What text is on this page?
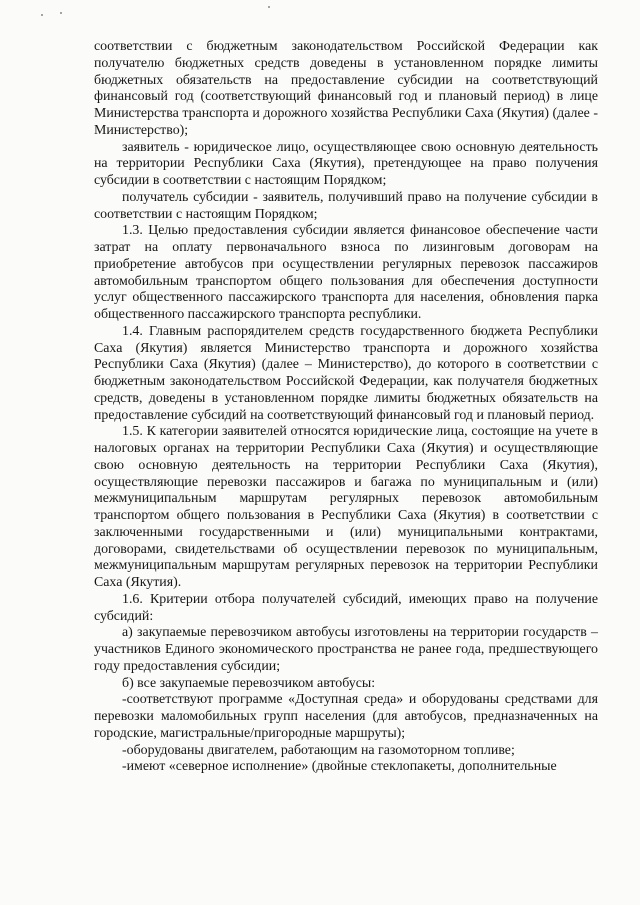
соответствии с бюджетным законодательством Российской Федерации как получателю бюджетных средств доведены в установленном порядке лимиты бюджетных обязательств на предоставление субсидии на соответствующий финансовый год (соответствующий финансовый год и плановый период) в лице Министерства транспорта и дорожного хозяйства Республики Саха (Якутия) (далее - Министерство);

заявитель - юридическое лицо, осуществляющее свою основную деятельность на территории Республики Саха (Якутия), претендующее на право получения субсидии в соответствии с настоящим Порядком;

получатель субсидии - заявитель, получивший право на получение субсидии в соответствии с настоящим Порядком;

1.3. Целью предоставления субсидии является финансовое обеспечение части затрат на оплату первоначального взноса по лизинговым договорам на приобретение автобусов при осуществлении регулярных перевозок пассажиров автомобильным транспортом общего пользования для обеспечения доступности услуг общественного пассажирского транспорта для населения, обновления парка общественного пассажирского транспорта республики.

1.4. Главным распорядителем средств государственного бюджета Республики Саха (Якутия) является Министерство транспорта и дорожного хозяйства Республики Саха (Якутия) (далее – Министерство), до которого в соответствии с бюджетным законодательством Российской Федерации, как получателя бюджетных средств, доведены в установленном порядке лимиты бюджетных обязательств на предоставление субсидий на соответствующий финансовый год и плановый период.

1.5. К категории заявителей относятся юридические лица, состоящие на учете в налоговых органах на территории Республики Саха (Якутия) и осуществляющие свою основную деятельность на территории Республики Саха (Якутия), осуществляющие перевозки пассажиров и багажа по муниципальным и (или) межмуниципальным маршрутам регулярных перевозок автомобильным транспортом общего пользования в Республики Саха (Якутия) в соответствии с заключенными государственными и (или) муниципальными контрактами, договорами, свидетельствами об осуществлении перевозок по муниципальным, межмуниципальным маршрутам регулярных перевозок на территории Республики Саха (Якутия).

1.6. Критерии отбора получателей субсидий, имеющих право на получение субсидий:

а) закупаемые перевозчиком автобусы изготовлены на территории государств – участников Единого экономического пространства не ранее года, предшествующего году предоставления субсидии;

б) все закупаемые перевозчиком автобусы:

-соответствуют программе «Доступная среда» и оборудованы средствами для перевозки маломобильных групп населения (для автобусов, предназначенных на городские, магистральные/пригородные маршруты);

-оборудованы двигателем, работающим на газомоторном топливе;

-имеют «северное исполнение» (двойные стеклопакеты, дополнительные
